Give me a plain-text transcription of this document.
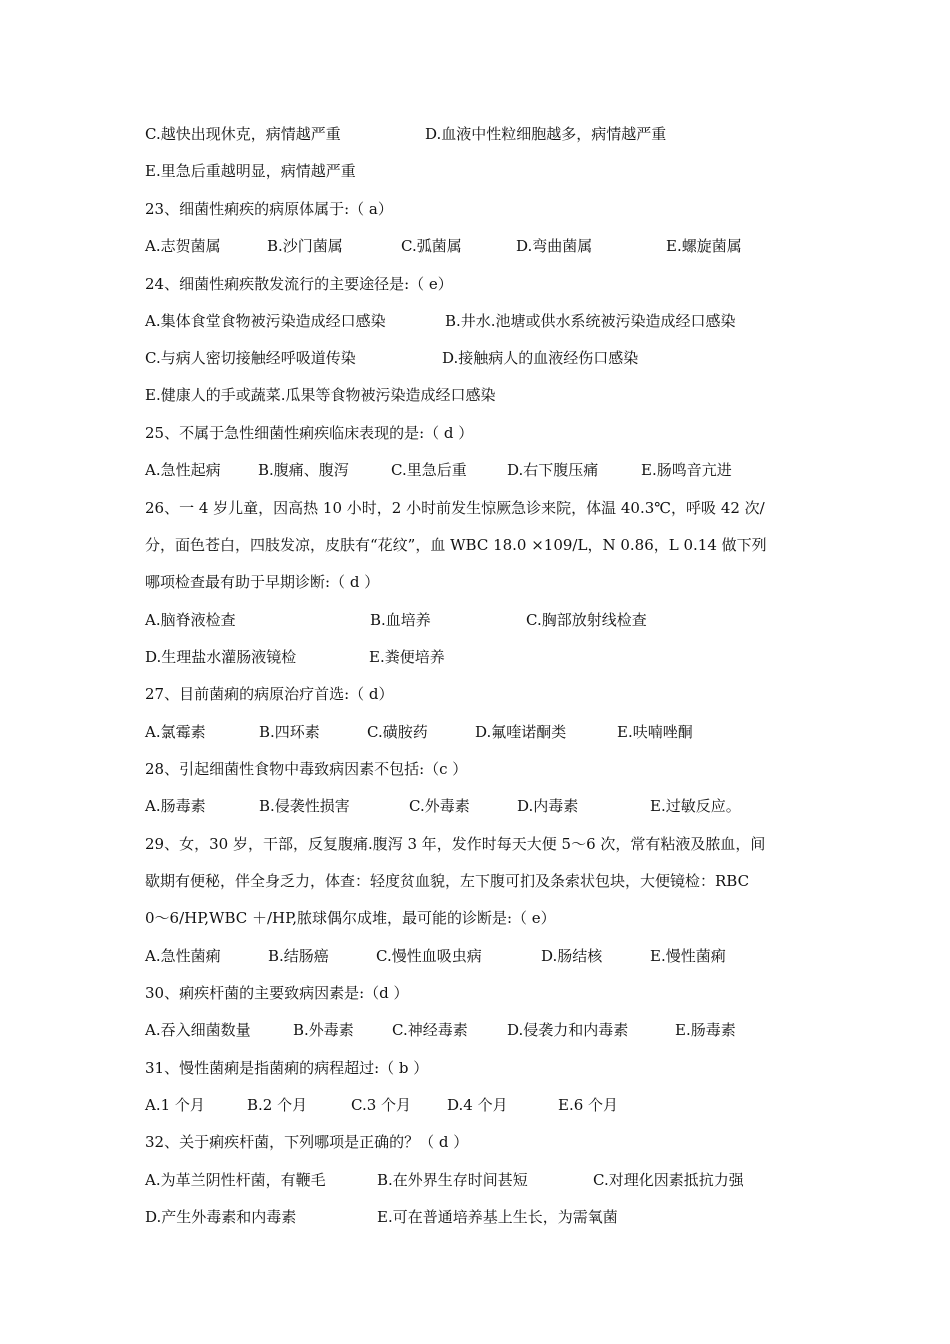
C.越快出现休克，病情越严重	D.血液中性粒细胞越多，病情越严重
E.里急后重越明显，病情越严重
23、细菌性痢疾的病原体属于:（ a）
A.志贺菌属	B.沙门菌属	C.弧菌属	D.弯曲菌属	E.螺旋菌属
24、细菌性痢疾散发流行的主要途径是:（ e）
A.集体食堂食物被污染造成经口感染	B.井水.池塘或供水系统被污染造成经口感染
C.与病人密切接触经呼吸道传染	D.接触病人的血液经伤口感染
E.健康人的手或蔬菜.瓜果等食物被污染造成经口感染
25、不属于急性细菌性痢疾临床表现的是:（ d ）
A.急性起病 B.腹痛、腹泻	C.里急后重	D.右下腹压痛	E.肠鸣音亢进
26、一 4 岁儿童，因高热 10 小时，2 小时前发生惊厥急诊来院，体温 40.3℃，呼吸 42 次/
分，面色苍白，四肢发凉，皮肤有“花纹”，血 WBC 18.0 ×109/L，N 0.86，L 0.14 做下列
哪项检查最有助于早期诊断:（ d ）
A.脑脊液检查	B.血培养	C.胸部放射线检查
D.生理盐水灌肠液镜检	E.粪便培养
27、目前菌痢的病原治疗首选:（ d）
A.氯霉素	B.四环素	C.磺胺药	D.氟喹诺酮类	E.呋喃唑酮
28、引起细菌性食物中毒致病因素不包括:（c ）
A.肠毒素	B.侵袭性损害	C.外毒素	D.内毒素	E.过敏反应。
29、女，30 岁，干部，反复腹痛.腹泻 3 年，发作时每天大便 5～6 次，常有粘液及脓血，间
歇期有便秘，伴全身乏力，体查：轻度贫血貌，左下腹可扪及条索状包块，大便镜检：RBC
0～6/HP,WBC ＋/HP,脓球偶尔成堆，最可能的诊断是:（ e）
A.急性菌痢	B.结肠癌	C.慢性血吸虫病	D.肠结核	E.慢性菌痢
30、痢疾杆菌的主要致病因素是:（d ）
A.吞入细菌数量	B.外毒素	C.神经毒素	D.侵袭力和内毒素	E.肠毒素
31、慢性菌痢是指菌痢的病程超过:（ b ）
A.1 个月	B.2 个月	C.3 个月 D.4 个月	E.6 个月
32、关于痢疾杆菌，下列哪项是正确的？（ d ）
A.为革兰阴性杆菌，有鞭毛	B.在外界生存时间甚短	C.对理化因素抵抗力强
D.产生外毒素和内毒素	E.可在普通培养基上生长，为需氧菌
